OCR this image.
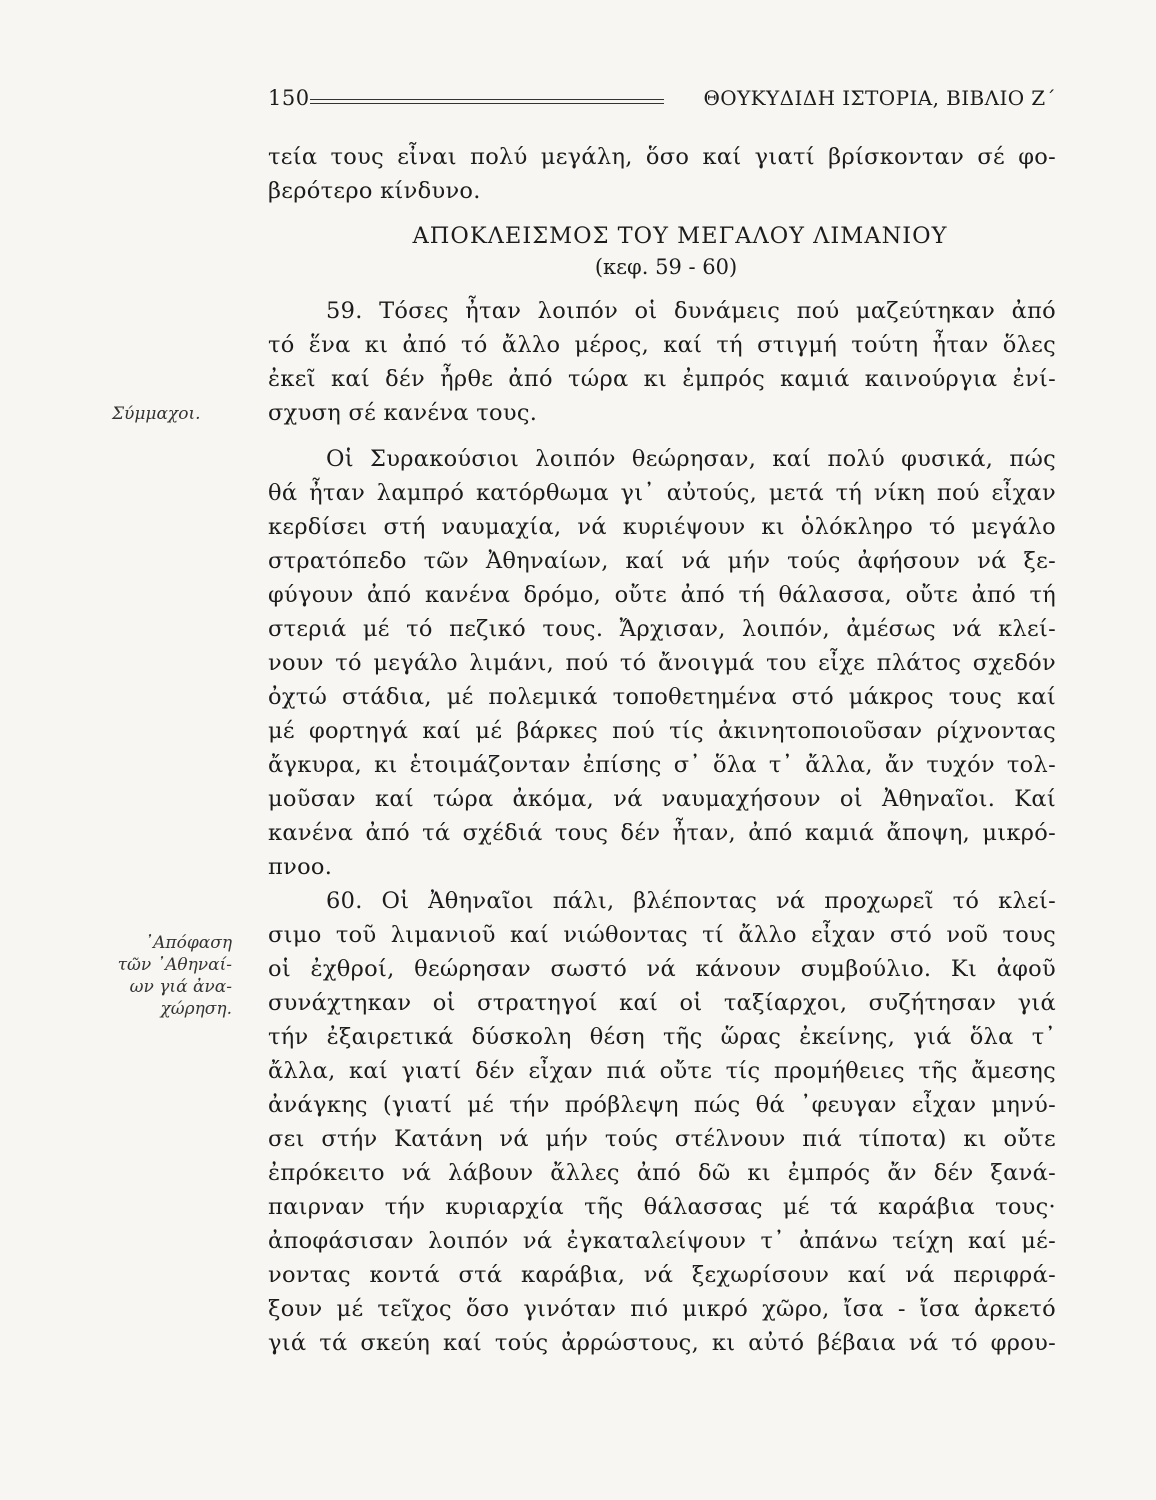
150	ΘΟΥΚΥΔΙΔΗ ΙΣΤΟΡΙΑ, ΒΙΒΛΙΟ Ζ΄
Σύμμαχοι.
᾿Απόφαση
τῶν ᾿Αθηναί-
ων γιά ἀνα-
χώρηση.
τεία τους εἶναι πολύ μεγάλη, ὅσο καί γιατί βρίσκονταν σέ φο-
βερότερο κίνδυνο.
ΑΠΟΚΛΕΙΣΜΟΣ ΤΟΥ ΜΕΓΑΛΟΥ ΛΙΜΑΝΙΟΥ
(κεφ. 59 - 60)
59. Τόσες ἦταν λοιπόν οἱ δυνάμεις πού μαζεύτηκαν ἀπό
τό ἕνα κι ἀπό τό ἄλλο μέρος, καί τή στιγμή τούτη ἦταν ὅλες
ἐκεῖ καί δέν ἦρθε ἀπό τώρα κι ἐμπρός καμιά καινούργια ἐνί-
σχυση σέ κανένα τους.
Οἱ Συρακούσιοι λοιπόν θεώρησαν, καί πολύ φυσικά, πώς
θά ἦταν λαμπρό κατόρθωμα γι᾿ αὐτούς, μετά τή νίκη πού εἶχαν
κερδίσει στή ναυμαχία, νά κυριέψουν κι ὁλόκληρο τό μεγάλο
στρατόπεδο τῶν Ἀθηναίων, καί νά μήν τούς ἀφήσουν νά ξε-
φύγουν ἀπό κανένα δρόμο, οὔτε ἀπό τή θάλασσα, οὔτε ἀπό τή
στεριά μέ τό πεζικό τους. Ἄρχισαν, λοιπόν, ἀμέσως νά κλεί-
νουν τό μεγάλο λιμάνι, πού τό ἄνοιγμά του εἶχε πλάτος σχεδόν
ὀχτώ στάδια, μέ πολεμικά τοποθετημένα στό μάκρος τους καί
μέ φορτηγά καί μέ βάρκες πού τίς ἀκινητοποιοῦσαν ρίχνοντας
ἄγκυρα, κι ἑτοιμάζονταν ἐπίσης σ᾿ ὅλα τ᾿ ἄλλα, ἄν τυχόν τολ-
μοῦσαν καί τώρα ἀκόμα, νά ναυμαχήσουν οἱ Ἀθηναῖοι. Καί
κανένα ἀπό τά σχέδιά τους δέν ἦταν, ἀπό καμιά ἄποψη, μικρό-
πνοο.
60. Οἱ Ἀθηναῖοι πάλι, βλέποντας νά προχωρεῖ τό κλεί-
σιμο τοῦ λιμανιοῦ καί νιώθοντας τί ἄλλο εἶχαν στό νοῦ τους
οἱ ἐχθροί, θεώρησαν σωστό νά κάνουν συμβούλιο. Κι ἀφοῦ
συνάχτηκαν οἱ στρατηγοί καί οἱ ταξίαρχοι, συζήτησαν γιά
τήν ἐξαιρετικά δύσκολη θέση τῆς ὥρας ἐκείνης, γιά ὅλα τ᾿
ἄλλα, καί γιατί δέν εἶχαν πιά οὔτε τίς προμήθειες τῆς ἄμεσης
ἀνάγκης (γιατί μέ τήν πρόβλεψη πώς θά ᾿φευγαν εἶχαν μηνύ-
σει στήν Κατάνη νά μήν τούς στέλνουν πιά τίποτα) κι οὔτε
ἐπρόκειτο νά λάβουν ἄλλες ἀπό δῶ κι ἐμπρός ἄν δέν ξανά-
παιρναν τήν κυριαρχία τῆς θάλασσας μέ τά καράβια τους·
ἀποφάσισαν λοιπόν νά ἐγκαταλείψουν τ᾿ ἀπάνω τείχη καί μέ-
νοντας κοντά στά καράβια, νά ξεχωρίσουν καί νά περιφρά-
ξουν μέ τεῖχος ὅσο γινόταν πιό μικρό χῶρο, ἴσα - ἴσα ἀρκετό
γιά τά σκεύη καί τούς ἀρρώστους, κι αὐτό βέβαια νά τό φρου-
